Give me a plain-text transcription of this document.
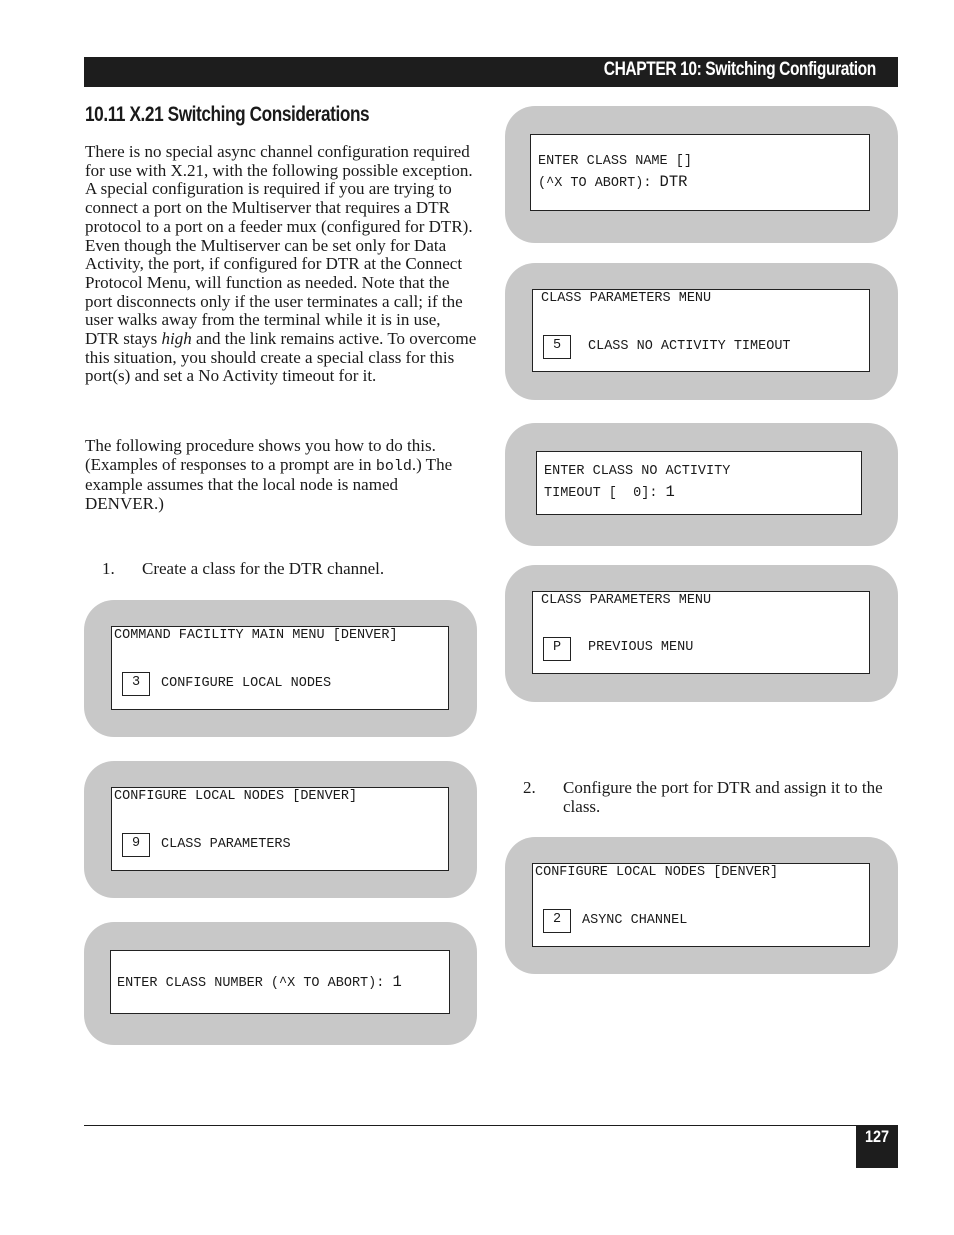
CHAPTER 10: Switching Configuration
10.11 X.21 Switching Considerations

There is no special async channel configuration required for use with X.21, with the following possible exception. A special configuration is required if you are trying to connect a port on the Multiserver that requires a DTR protocol to a port on a feeder mux (configured for DTR). Even though the Multiserver can be set only for Data Activity, the port, if configured for DTR at the Connect Protocol Menu, will function as needed. Note that the port disconnects only if the user terminates a call; if the user walks away from the terminal while it is in use, DTR stays high and the link remains active. To overcome this situation, you should create a special class for this port(s) and set a No Activity timeout for it.

The following procedure shows you how to do this. (Examples of responses to a prompt are in bold.) The example assumes that the local node is named DENVER.)

1. Create a class for the DTR channel.
2. Configure the port for DTR and assign it to the class.

COMMAND FACILITY MAIN MENU [DENVER]

3

	CONFIGURE LOCAL NODES

CONFIGURE LOCAL NODES [DENVER]

9

	CLASS PARAMETERS

ENTER CLASS NUMBER (^X TO ABORT): 1

ENTER CLASS NAME []

(^X TO ABORT): DTR

CLASS PARAMETERS MENU

5

	CLASS NO ACTIVITY TIMEOUT

ENTER CLASS NO ACTIVITY

TIMEOUT [  0]: 1

CLASS PARAMETERS MENU

P

	PREVIOUS MENU

CONFIGURE LOCAL NODES [DENVER]

2

	ASYNC CHANNEL

127
